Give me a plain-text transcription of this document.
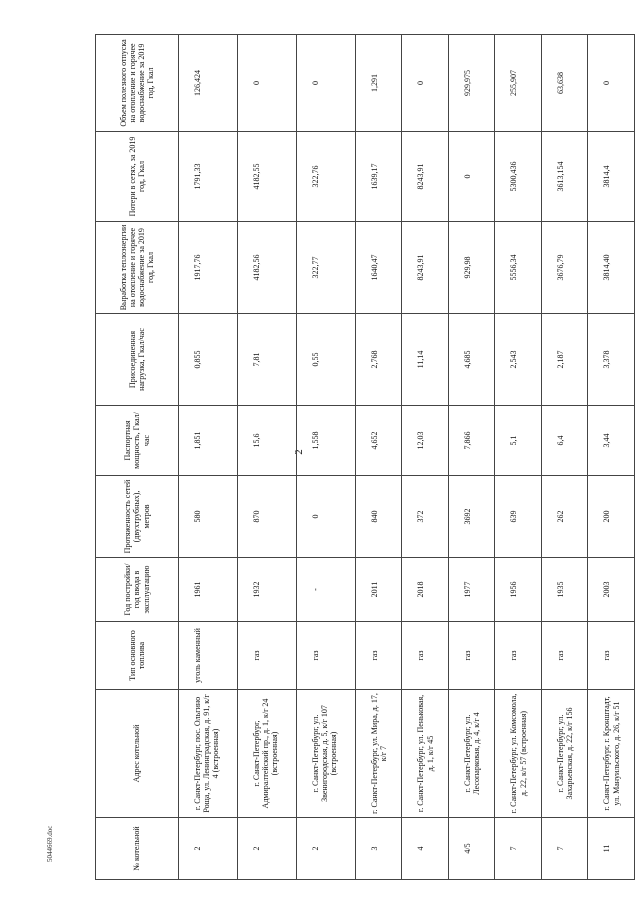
2
№ котельной	Адрес котельной	Тип основного топлива	Год постройки/ год ввода в эксплуатацию	Протяженность сетей (двухтрубных), метров	Паспортная мощность, Гкал/час	Присоединенная нагрузка, Гкал/час	Выработка теплоэнергии на отопление и горячее водоснабжение за 2019 год, Гкал	Потери в сетях, за 2019 год, Гкал	Объем полезного отпуска на отопление и горячее водоснабжение за 2019 год, Гкал
2	г. Санкт-Петербург, пос. Ольгино Роща, ул. Ленинградская, д. 91, к/г 4 (встроенная)	уголь каменный	1961	580	1,851	0,855	1917,76	1791,33	126,424
2	г. Санкт-Петербург, Адмиралтейский пр., д. 1, к/г 24 (встроенная)	газ	1932	870	15,6	7,81	4182,56	4182,55	0
2	г. Санкт-Петербург, ул. Звенигородская, д. 5, к/г 107 (встроенная)	газ	-	0	1,558	0,55	322,77	322,76	0
3	г. Санкт-Петербург, ул. Мира, д. 17, к/г 7	газ	2011	840	4,652	2,768	1640,47	1639,17	1,291
4	г. Санкт-Петербург, ул. Пеньковая, д. 1, к/г 45	газ	2018	372	12,03	11,14	8243,91	8243,91	0
4/5	г. Санкт-Петербург, ул. Лесопарковая, д. 4, к/г 4	газ	1977	3692	7,866	4,685	929,98	0	929,975
7	г. Санкт-Петербург, ул. Комсомола, д. 22, к/г 57 (встроенная)	газ	1956	639	5,1	2,543	5556,34	5300,436	255,907
7	г. Санкт-Петербург, ул. Захарьевская, д. 22, к/г 156	газ	1935	262	6,4	2,187	3676,79	3613,154	63,638
11	г. Санкт-Петербург, г. Кронштадт, ул. Мануильского, д. 26, к/г 51	газ	2003	200	3,44	3,378	3814,40	3814,4	0
5044669.doc
